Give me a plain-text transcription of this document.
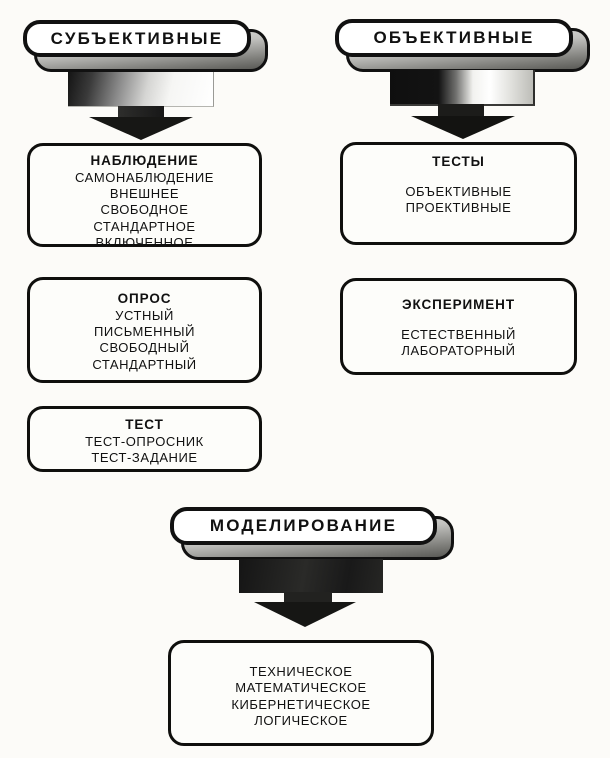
СУБЪЕКТИВНЫЕ	ОБЪЕКТИВНЫЕ
НАБЛЮДЕНИЕ
САМОНАБЛЮДЕНИЕ
ВНЕШНЕЕ
СВОБОДНОЕ
СТАНДАРТНОЕ
ВКЛЮЧЕННОЕ
ОПРОС
УСТНЫЙ
ПИСЬМЕННЫЙ
СВОБОДНЫЙ
СТАНДАРТНЫЙ
ТЕСТ
ТЕСТ-ОПРОСНИК
ТЕСТ-ЗАДАНИЕ
ТЕСТЫ
ОБЪЕКТИВНЫЕ
ПРОЕКТИВНЫЕ
ЭКСПЕРИМЕНТ
ЕСТЕСТВЕННЫЙ
ЛАБОРАТОРНЫЙ
МОДЕЛИРОВАНИЕ
ТЕХНИЧЕСКОЕ
МАТЕМАТИЧЕСКОЕ
КИБЕРНЕТИЧЕСКОЕ
ЛОГИЧЕСКОЕ
